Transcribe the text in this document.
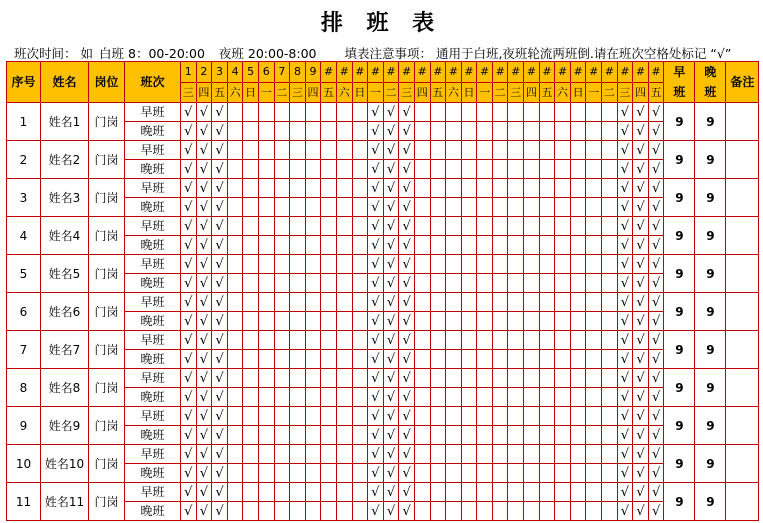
排 班 表
班次时间： 如 白班 8：00-20:00 夜班 20:00-8:00 填表注意事项： 通用于白班,夜班轮流两班倒.请在班次空格处标记 “√”
序号	姓名	岗位	班次	1	2	3	4	5	6	7	8	9	#	#	#	#	#	#	#	#	#	#	#	#	#	#	#	#	#	#	#	#	#	#	早班	晚班	备注
				三	四	五	六	日	一	二	三	四	五	六	日	一	二	三	四	五	六	日	一	二	三	四	五	六	日	一	二	三	四	五			
1	姓名1	门岗	早班	√	√	√										√	√	√														√	√	√	9	9	
			晚班	√	√	√										√	√	√														√	√	√			
2	姓名2	门岗	早班	√	√	√										√	√	√														√	√	√	9	9	
			晚班	√	√	√										√	√	√														√	√	√			
3	姓名3	门岗	早班	√	√	√										√	√	√														√	√	√	9	9	
			晚班	√	√	√										√	√	√														√	√	√			
4	姓名4	门岗	早班	√	√	√										√	√	√														√	√	√	9	9	
			晚班	√	√	√										√	√	√														√	√	√			
5	姓名5	门岗	早班	√	√	√										√	√	√														√	√	√	9	9	
			晚班	√	√	√										√	√	√														√	√	√			
6	姓名6	门岗	早班	√	√	√										√	√	√														√	√	√	9	9	
			晚班	√	√	√										√	√	√														√	√	√			
7	姓名7	门岗	早班	√	√	√										√	√	√														√	√	√	9	9	
			晚班	√	√	√										√	√	√														√	√	√			
8	姓名8	门岗	早班	√	√	√										√	√	√														√	√	√	9	9	
			晚班	√	√	√										√	√	√														√	√	√			
9	姓名9	门岗	早班	√	√	√										√	√	√														√	√	√	9	9	
			晚班	√	√	√										√	√	√														√	√	√			
10	姓名10	门岗	早班	√	√	√										√	√	√														√	√	√	9	9	
			晚班	√	√	√										√	√	√														√	√	√			
11	姓名11	门岗	早班	√	√	√										√	√	√														√	√	√	9	9	
			晚班	√	√	√										√	√	√														√	√	√			
